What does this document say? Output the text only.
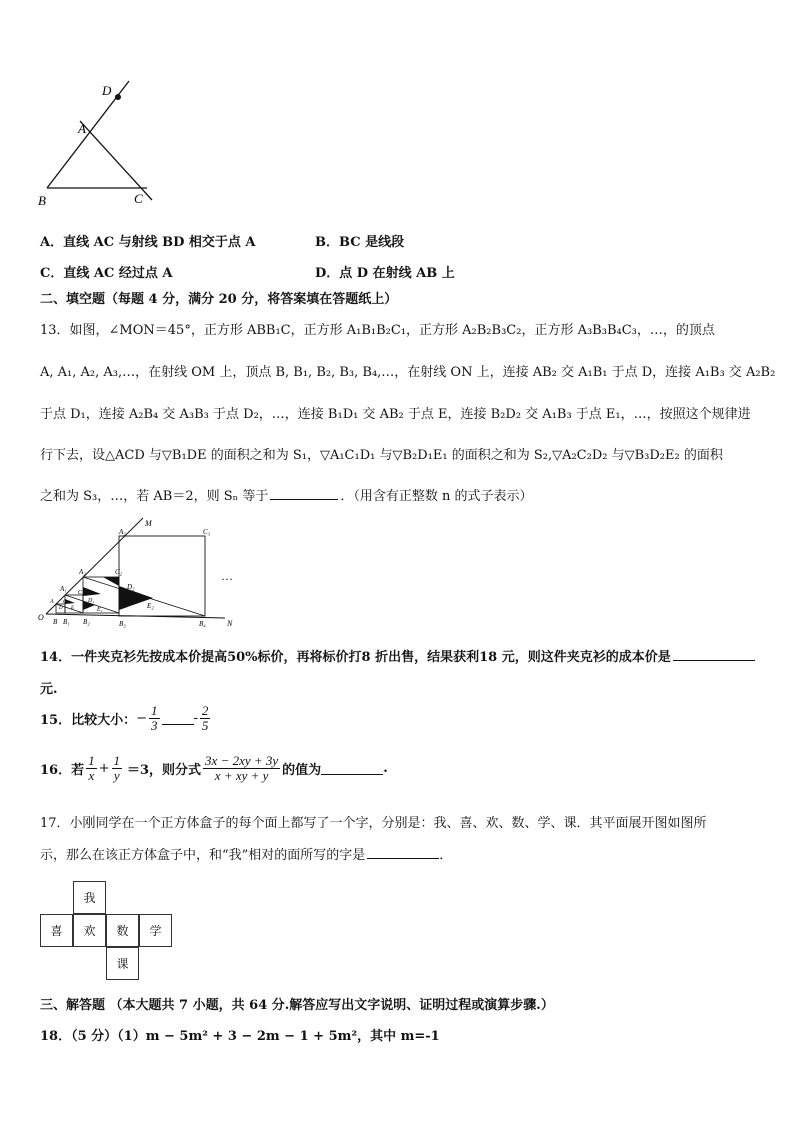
D
A
B	C
A．直线 AC 与射线 BD 相交于点 A	B．BC 是线段
C．直线 AC 经过点 A	D．点 D 在射线 AB 上
二、填空题（每题 4 分，满分 20 分，将答案填在答题纸上）
13．如图，∠MON＝45°，正方形 ABB₁C，正方形 A₁B₁B₂C₁，正方形 A₂B₂B₃C₂，正方形 A₃B₃B₄C₃，…，的顶点
A, A₁, A₂, A₃,…，在射线 OM 上，顶点 B, B₁, B₂, B₃, B₄,…，在射线 ON 上，连接 AB₂ 交 A₁B₁ 于点 D，连接 A₁B₃ 交 A₂B₂
于点 D₁，连接 A₂B₄ 交 A₃B₃ 于点 D₂，…，连接 B₁D₁ 交 AB₂ 于点 E，连接 B₂D₂ 交 A₁B₃ 于点 E₁，…，按照这个规律进
行下去，设△ACD 与▽B₁DE 的面积之和为 S₁，▽A₁C₁D₁ 与▽B₂D₁E₁ 的面积之和为 S₂,▽A₂C₂D₂ 与▽B₃D₂E₂ 的面积
之和为 S₃，…，若 AB＝2，则 Sₙ 等于	．（用含有正整数 n 的式子表示）
M
N
O
A₃	C₃
A₂	C₂
D₂
A₁ C₁
D₁
E₂
E₁
A C
D E
B B₁ B₂	B₃	B₄
…
14．一件夹克衫先按成本价提高50%标价，再将标价打8 折出售，结果获利18 元，则这件夹克衫的成本价是
元.
15．比较大小： − $\frac{1}{3}$	- $\frac{2}{5}$
16．若 $\frac{1}{x} + \frac{1}{y} =3$，则分式 $\frac{3x - 2xy + 3y}{x + xy + y}$ 的值为	.
17．小刚同学在一个正方体盒子的每个面上都写了一个字，分别是：我、喜、欢、数、学、课．其平面展开图如图所
示，那么在该正方体盒子中，和“我”相对的面所写的字是	．
我
喜	欢	数	学
课
三、解答题 （本大题共 7 小题，共 64 分.解答应写出文字说明、证明过程或演算步骤.）
18．（5 分）（1）m − 5m² + 3 − 2m − 1 + 5m²，其中 m=-1
